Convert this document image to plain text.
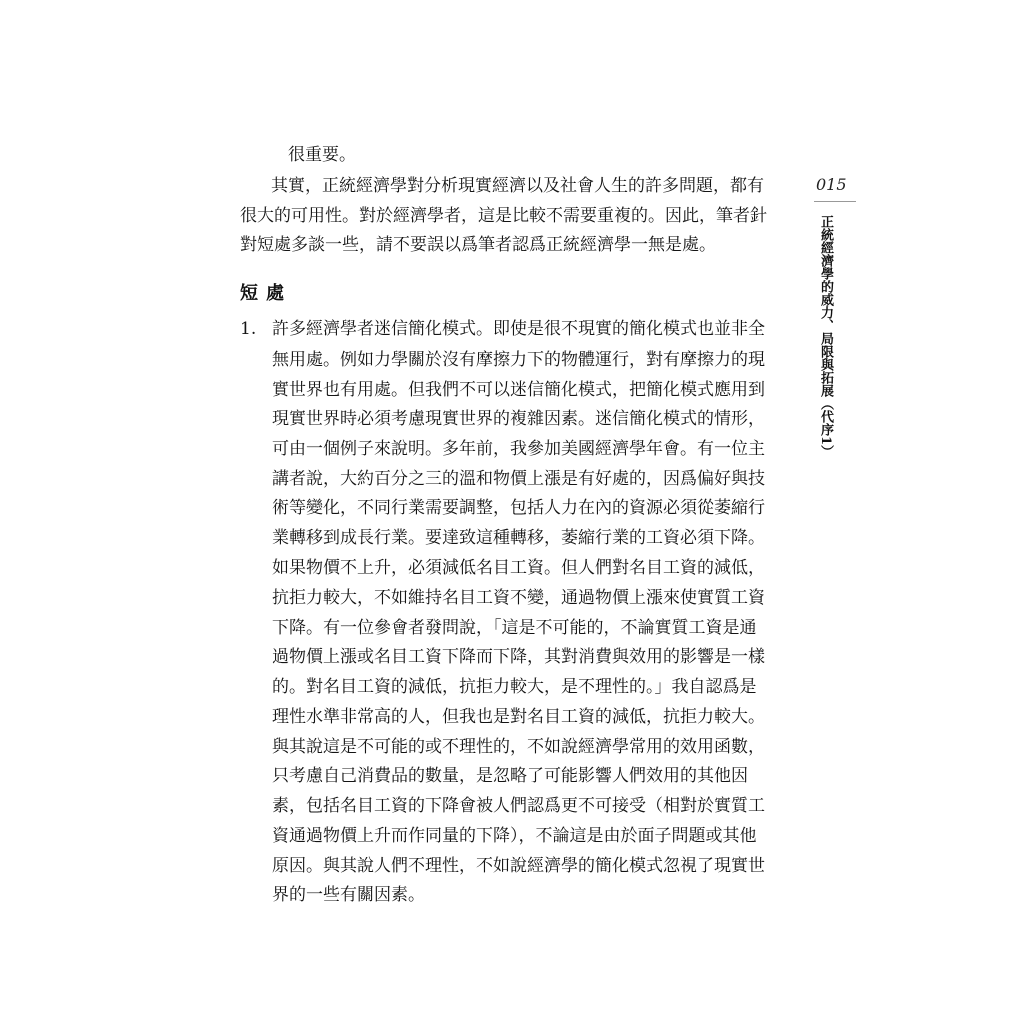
很重要。
其實，正統經濟學對分析現實經濟以及社會人生的許多問題，都有
很大的可用性。對於經濟學者，這是比較不需要重複的。因此，筆者針
對短處多談一些，請不要誤以爲筆者認爲正統經濟學一無是處。
短處
1. 許多經濟學者迷信簡化模式。即使是很不現實的簡化模式也並非全
無用處。例如力學關於沒有摩擦力下的物體運行，對有摩擦力的現
實世界也有用處。但我們不可以迷信簡化模式，把簡化模式應用到
現實世界時必須考慮現實世界的複雜因素。迷信簡化模式的情形，
可由一個例子來說明。多年前，我參加美國經濟學年會。有一位主
講者說，大約百分之三的溫和物價上漲是有好處的，因爲偏好與技
術等變化，不同行業需要調整，包括人力在內的資源必須從萎縮行
業轉移到成長行業。要達致這種轉移，萎縮行業的工資必須下降。
如果物價不上升，必須減低名目工資。但人們對名目工資的減低，
抗拒力較大，不如維持名目工資不變，通過物價上漲來使實質工資
下降。有一位參會者發問說，「這是不可能的，不論實質工資是通
過物價上漲或名目工資下降而下降，其對消費與效用的影響是一樣
的。對名目工資的減低，抗拒力較大，是不理性的。」我自認爲是
理性水準非常高的人，但我也是對名目工資的減低，抗拒力較大。
與其說這是不可能的或不理性的，不如說經濟學常用的效用函數，
只考慮自己消費品的數量，是忽略了可能影響人們效用的其他因
素，包括名目工資的下降會被人們認爲更不可接受（相對於實質工
資通過物價上升而作同量的下降），不論這是由於面子問題或其他
原因。與其說人們不理性，不如說經濟學的簡化模式忽視了現實世
界的一些有關因素。
015
正統經濟學的威力、局限與拓展（代序1）
